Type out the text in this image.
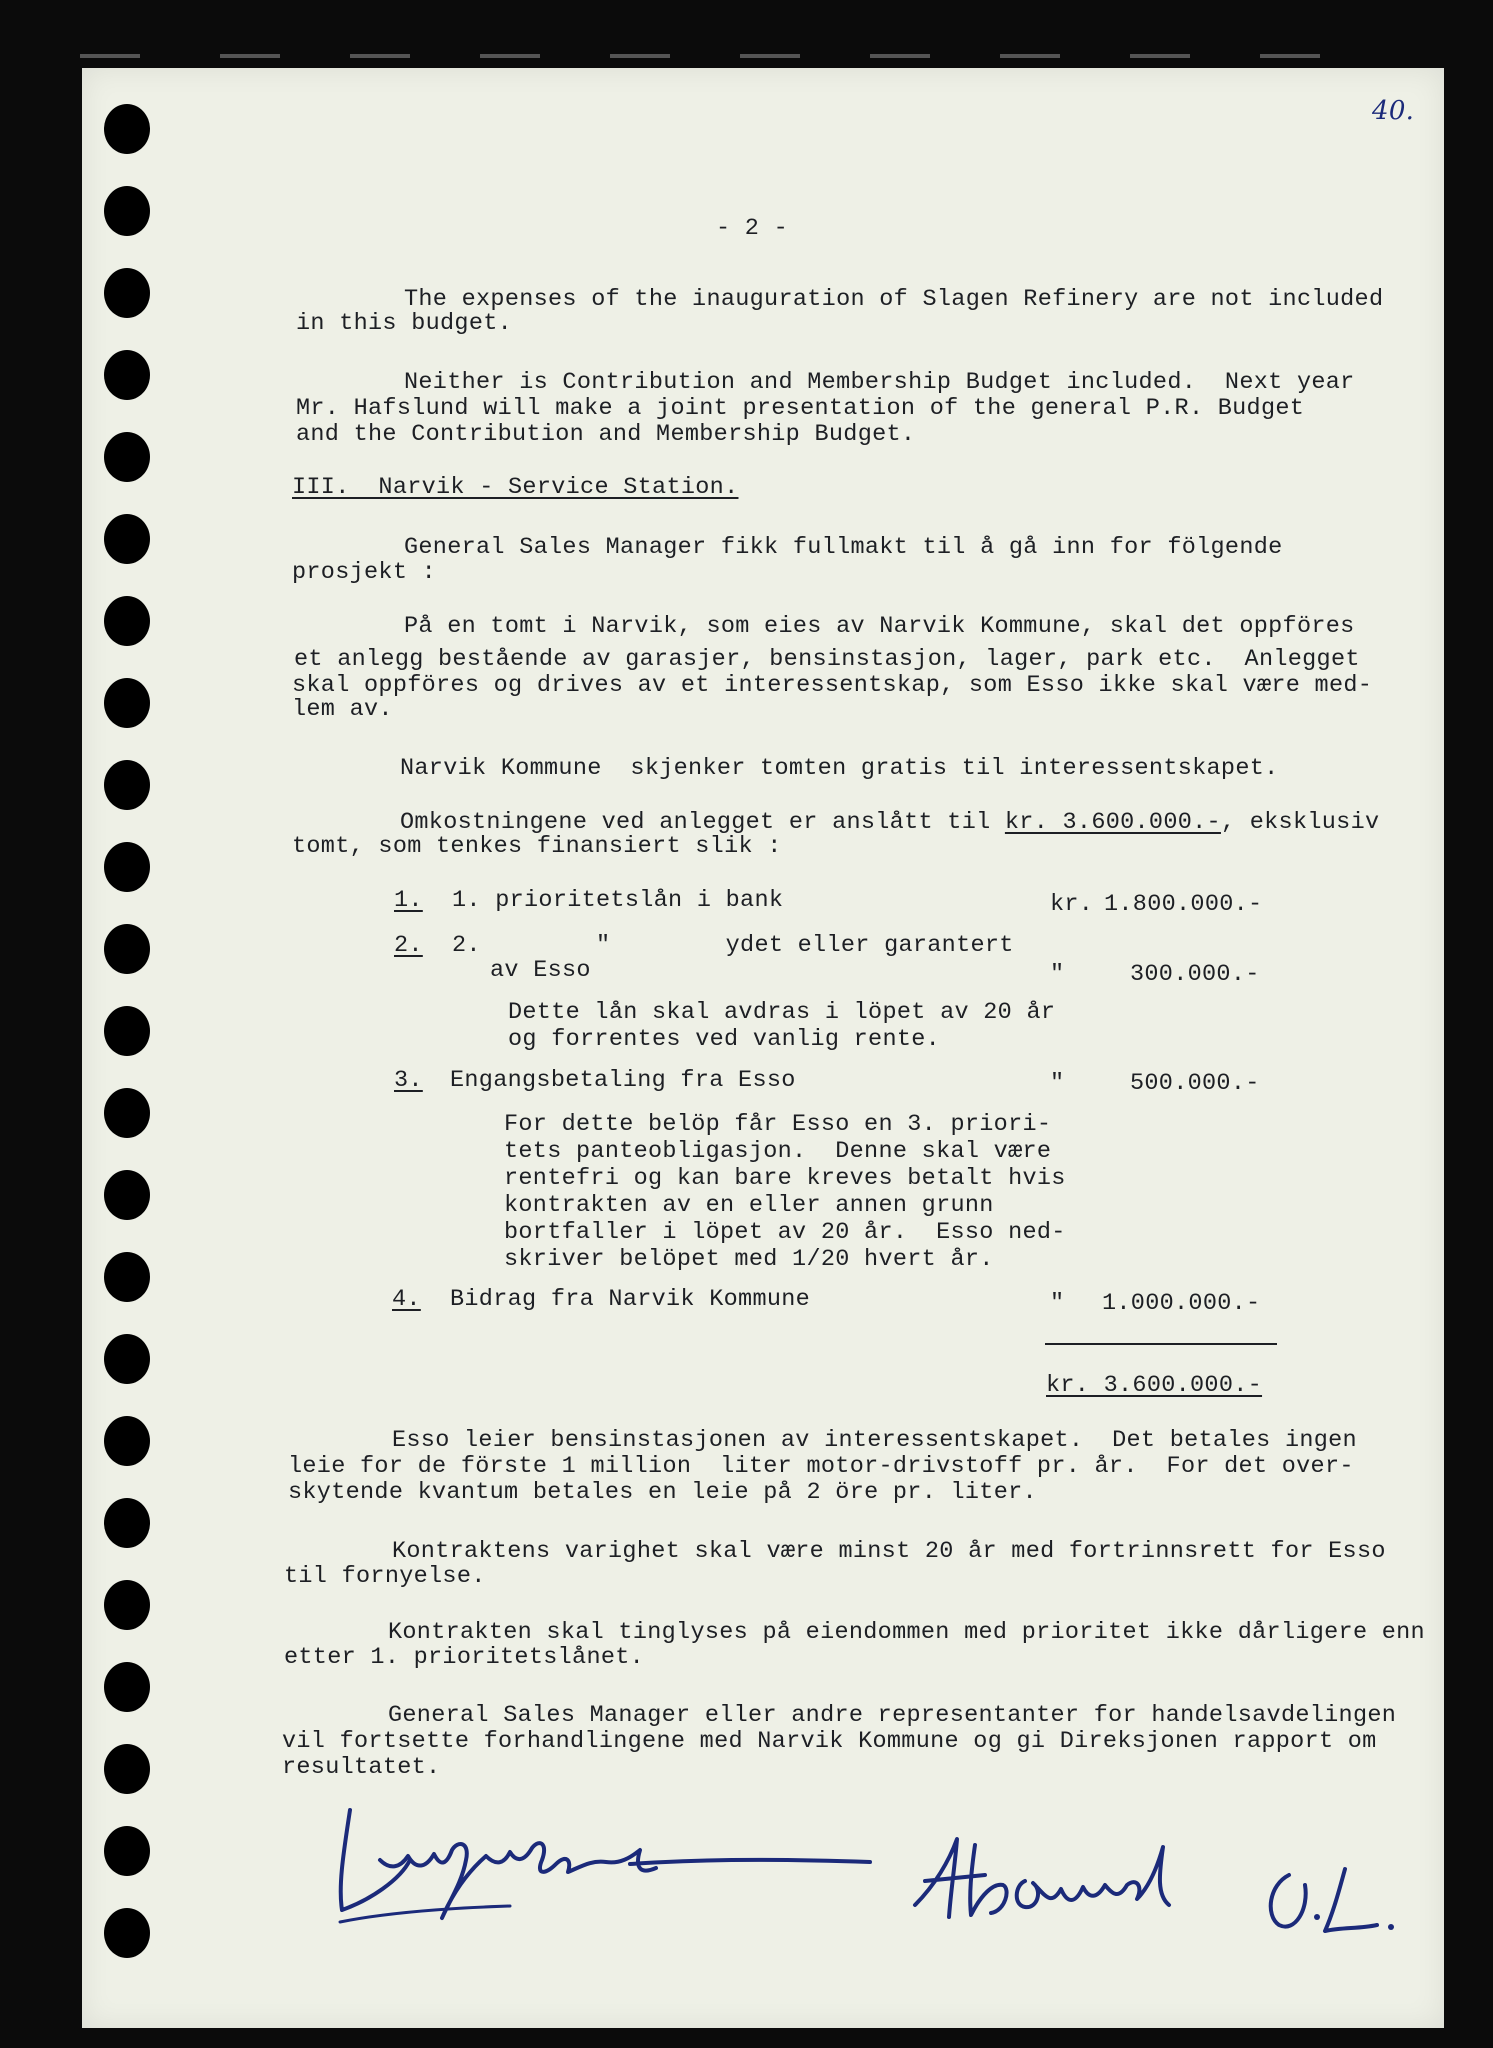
40.
- 2 -
The expenses of the inauguration of Slagen Refinery are not included
in this budget.
Neither is Contribution and Membership Budget included.  Next year
Mr. Hafslund will make a joint presentation of the general P.R. Budget
and the Contribution and Membership Budget.
III.  Narvik - Service Station.
General Sales Manager fikk fullmakt til å gå inn for fölgende
prosjekt :
På en tomt i Narvik, som eies av Narvik Kommune, skal det oppföres
et anlegg bestående av garasjer, bensinstasjon, lager, park etc.  Anlegget
skal oppföres og drives av et interessentskap, som Esso ikke skal være med-
lem av.
Narvik Kommune  skjenker tomten gratis til interessentskapet.
Omkostningene ved anlegget er anslått til kr. 3.600.000.-, eksklusiv
tomt, som tenkes finansiert slik :
1. 1. prioritetslån i bank	kr. 1.800.000.-
2. 2.        "        ydet eller garantert
av Esso	"	300.000.-
Dette lån skal avdras i löpet av 20 år
og forrentes ved vanlig rente.
3. Engangsbetaling fra Esso	"	500.000.-
For dette belöp får Esso en 3. priori-
tets panteobligasjon.  Denne skal være
rentefri og kan bare kreves betalt hvis
kontrakten av en eller annen grunn
bortfaller i löpet av 20 år.  Esso ned-
skriver belöpet med 1/20 hvert år.
4. Bidrag fra Narvik Kommune	" 1.000.000.-
kr. 3.600.000.-
Esso leier bensinstasjonen av interessentskapet.  Det betales ingen
leie for de förste 1 million  liter motor-drivstoff pr. år.  For det over-
skytende kvantum betales en leie på 2 öre pr. liter.
Kontraktens varighet skal være minst 20 år med fortrinnsrett for Esso
til fornyelse.
Kontrakten skal tinglyses på eiendommen med prioritet ikke dårligere enn
etter 1. prioritetslånet.
General Sales Manager eller andre representanter for handelsavdelingen
vil fortsette forhandlingene med Narvik Kommune og gi Direksjonen rapport om
resultatet.
